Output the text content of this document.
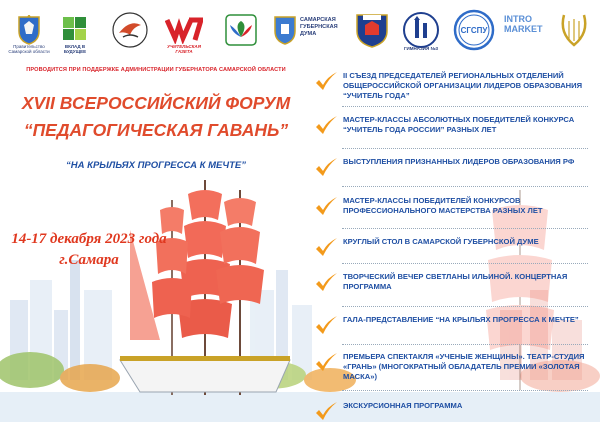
Правительство Самарской области
ВКЛАД В БУДУЩЕЕ
УЧИТЕЛЬСКАЯ ГАЗЕТА
САМАРСКАЯ ГУБЕРНСКАЯ ДУМА
ГИМНАЗИЯ №3
СГСПУ
INTRO MARKET
ПРОВОДИТСЯ ПРИ ПОДДЕРЖКЕ АДМИНИСТРАЦИИ ГУБЕРНАТОРА САМАРСКОЙ ОБЛАСТИ
XVII ВСЕРОССИЙСКИЙ ФОРУМ
“ПЕДАГОГИЧЕСКАЯ ГАВАНЬ”
“НА КРЫЛЬЯХ ПРОГРЕССА К МЕЧТЕ”
14-17 декабря 2023 года
г.Самара
II СЪЕЗД ПРЕДСЕДАТЕЛЕЙ РЕГИОНАЛЬНЫХ ОТДЕЛЕНИЙ ОБЩЕРОССИЙСКОЙ ОРГАНИЗАЦИИ ЛИДЕРОВ ОБРАЗОВАНИЯ “УЧИТЕЛЬ ГОДА”
МАСТЕР-КЛАССЫ АБСОЛЮТНЫХ ПОБЕДИТЕЛЕЙ КОНКУРСА “УЧИТЕЛЬ ГОДА РОССИИ” РАЗНЫХ ЛЕТ
ВЫСТУПЛЕНИЯ ПРИЗНАННЫХ ЛИДЕРОВ ОБРАЗОВАНИЯ РФ
МАСТЕР-КЛАССЫ ПОБЕДИТЕЛЕЙ КОНКУРСОВ ПРОФЕССИОНАЛЬНОГО МАСТЕРСТВА РАЗНЫХ ЛЕТ
КРУГЛЫЙ СТОЛ В САМАРСКОЙ ГУБЕРНСКОЙ ДУМЕ
ТВОРЧЕСКИЙ ВЕЧЕР СВЕТЛАНЫ ИЛЬИНОЙ. КОНЦЕРТНАЯ ПРОГРАММА
ГАЛА-ПРЕДСТАВЛЕНИЕ “НА КРЫЛЬЯХ ПРОГРЕССА К МЕЧТЕ”
ПРЕМЬЕРА СПЕКТАКЛЯ «УЧЕНЫЕ ЖЕНЩИНЫ». ТЕАТР-СТУДИЯ «ГРАНЬ» (МНОГОКРАТНЫЙ ОБЛАДАТЕЛЬ ПРЕМИИ «ЗОЛОТАЯ МАСКА»)
ЭКСКУРСИОННАЯ ПРОГРАММА
